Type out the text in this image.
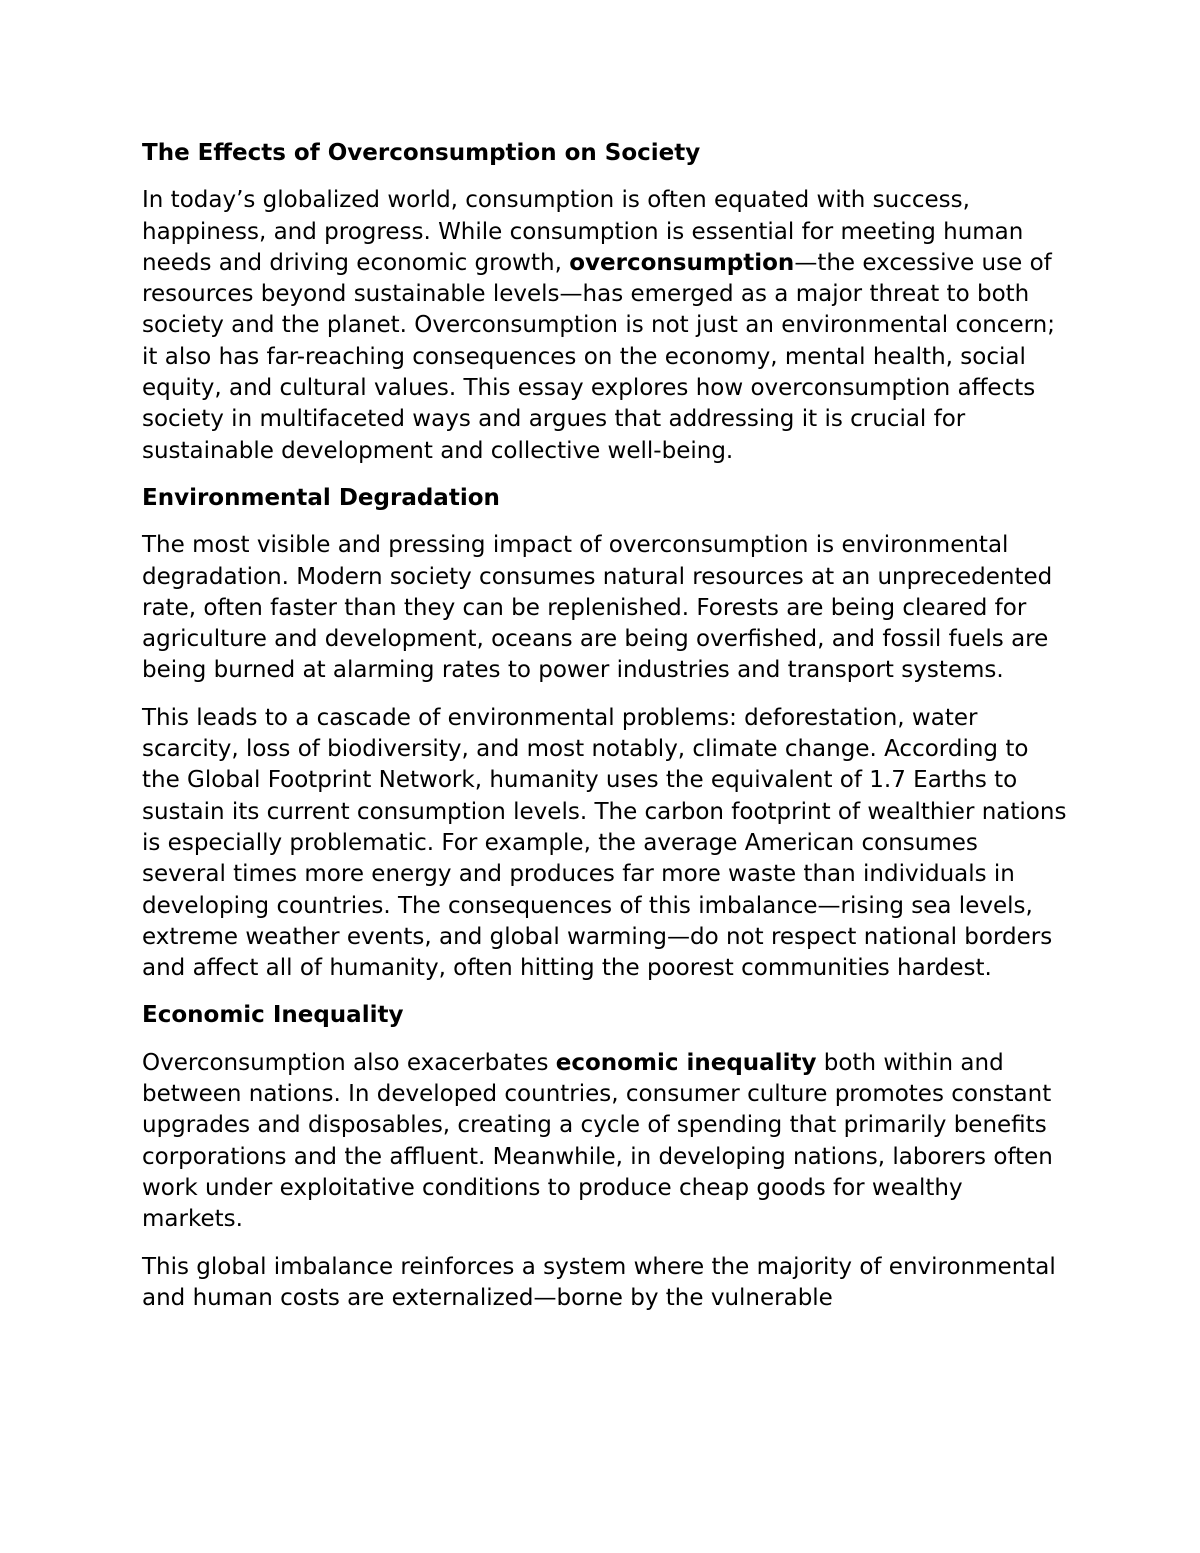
The Effects of Overconsumption on Society

In today’s globalized world, consumption is often equated with success, happiness, and progress. While consumption is essential for meeting human needs and driving economic growth, overconsumption—the excessive use of resources beyond sustainable levels—has emerged as a major threat to both society and the planet. Overconsumption is not just an environmental concern; it also has far-reaching consequences on the economy, mental health, social equity, and cultural values. This essay explores how overconsumption affects society in multifaceted ways and argues that addressing it is crucial for sustainable development and collective well-being.

Environmental Degradation

The most visible and pressing impact of overconsumption is environmental degradation. Modern society consumes natural resources at an unprecedented rate, often faster than they can be replenished. Forests are being cleared for agriculture and development, oceans are being overfished, and fossil fuels are being burned at alarming rates to power industries and transport systems.

This leads to a cascade of environmental problems: deforestation, water scarcity, loss of biodiversity, and most notably, climate change. According to the Global Footprint Network, humanity uses the equivalent of 1.7 Earths to sustain its current consumption levels. The carbon footprint of wealthier nations is especially problematic. For example, the average American consumes several times more energy and produces far more waste than individuals in developing countries. The consequences of this imbalance—rising sea levels, extreme weather events, and global warming—do not respect national borders and affect all of humanity, often hitting the poorest communities hardest.

Economic Inequality

Overconsumption also exacerbates economic inequality both within and between nations. In developed countries, consumer culture promotes constant upgrades and disposables, creating a cycle of spending that primarily benefits corporations and the affluent. Meanwhile, in developing nations, laborers often work under exploitative conditions to produce cheap goods for wealthy markets.

This global imbalance reinforces a system where the majority of environmental and human costs are externalized—borne by the vulnerable
